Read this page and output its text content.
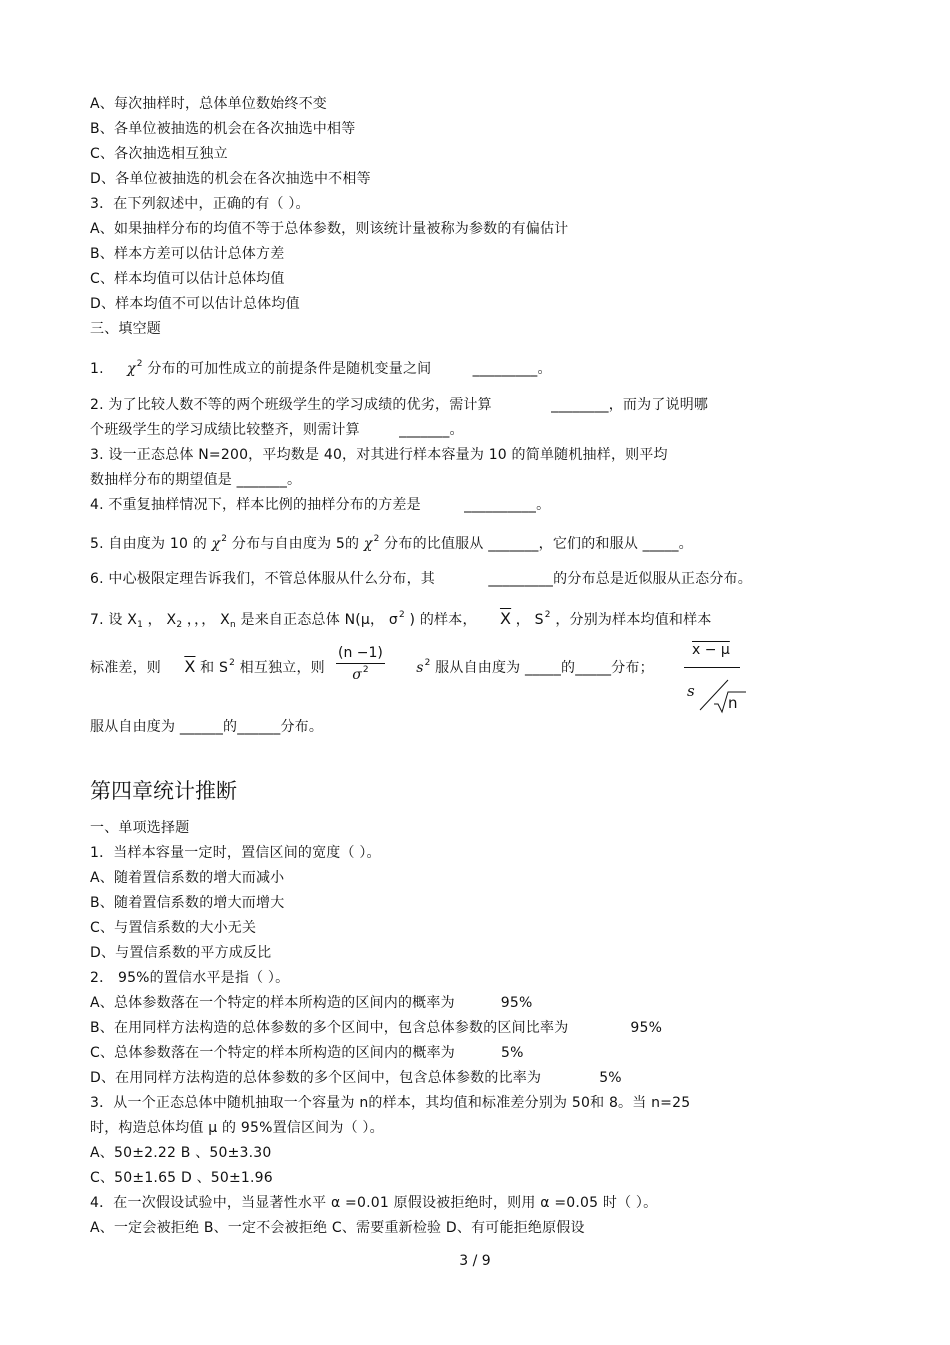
A、每次抽样时，总体单位数始终不变
B、各单位被抽选的机会在各次抽选中相等
C、各次抽选相互独立
D、各单位被抽选的机会在各次抽选中不相等
3．在下列叙述中，正确的有（ ）。
A、如果抽样分布的均值不等于总体参数，则该统计量被称为参数的有偏估计
B、样本方差可以估计总体方差
C、样本均值可以估计总体均值
D、样本均值不可以估计总体均值
三、填空题
1. $\chi^2$ 分布的可加性成立的前提条件是随机变量之间	_________。
2. 为了比较人数不等的两个班级学生的学习成绩的优劣，需计算	________，而为了说明哪
个班级学生的学习成绩比较整齐，则需计算	_______。
3. 设一正态总体 N=200，平均数是 40，对其进行样本容量为 10 的简单随机抽样，则平均
数抽样分布的期望值是 _______。
4. 不重复抽样情况下，样本比例的抽样分布的方差是	__________。
5. 自由度为 10 的 $\chi^2$ 分布与自由度为 5的 $\chi^2$ 分布的比值服从 _______，它们的和服从 _____。
6. 中心极限定理告诉我们，不管总体服从什么分布，其	_________的分布总是近似服从正态分布。
7. 设 $X_1$ ， $X_2$ ，，， $X_n$ 是来自正态总体 N(μ， $\sigma^2$ ) 的样本， $\overline{X}$ ， $S^2$ ，分别为样本均值和样本
标准差，则 $\overline{X}$ 和 $S^2$ 相互独立，则	$s^2$ 服从自由度为 _____的_____分布；
(n −1)
$\sigma^2$
x − μ
s
n
服从自由度为 ______的______分布。
第四章统计推断
一、单项选择题
1．当样本容量一定时，置信区间的宽度（ ）。
A、随着置信系数的增大而减小
B、随着置信系数的增大而增大
C、与置信系数的大小无关
D、与置信系数的平方成反比
2． 95%的置信水平是指（ ）。
A、总体参数落在一个特定的样本所构造的区间内的概率为	95%
B、在用同样方法构造的总体参数的多个区间中，包含总体参数的区间比率为	95%
C、总体参数落在一个特定的样本所构造的区间内的概率为	5%
D、在用同样方法构造的总体参数的多个区间中，包含总体参数的比率为	5%
3．从一个正态总体中随机抽取一个容量为 n的样本，其均值和标准差分别为 50和 8。当 n=25
时，构造总体均值 μ 的 95%置信区间为（ ）。
A、50±2.22 B 、50±3.30
C、50±1.65 D 、50±1.96
4．在一次假设试验中，当显著性水平 α =0.01 原假设被拒绝时，则用 α =0.05 时（ ）。
A、一定会被拒绝 B、一定不会被拒绝 C、需要重新检验 D、有可能拒绝原假设
3 / 9
